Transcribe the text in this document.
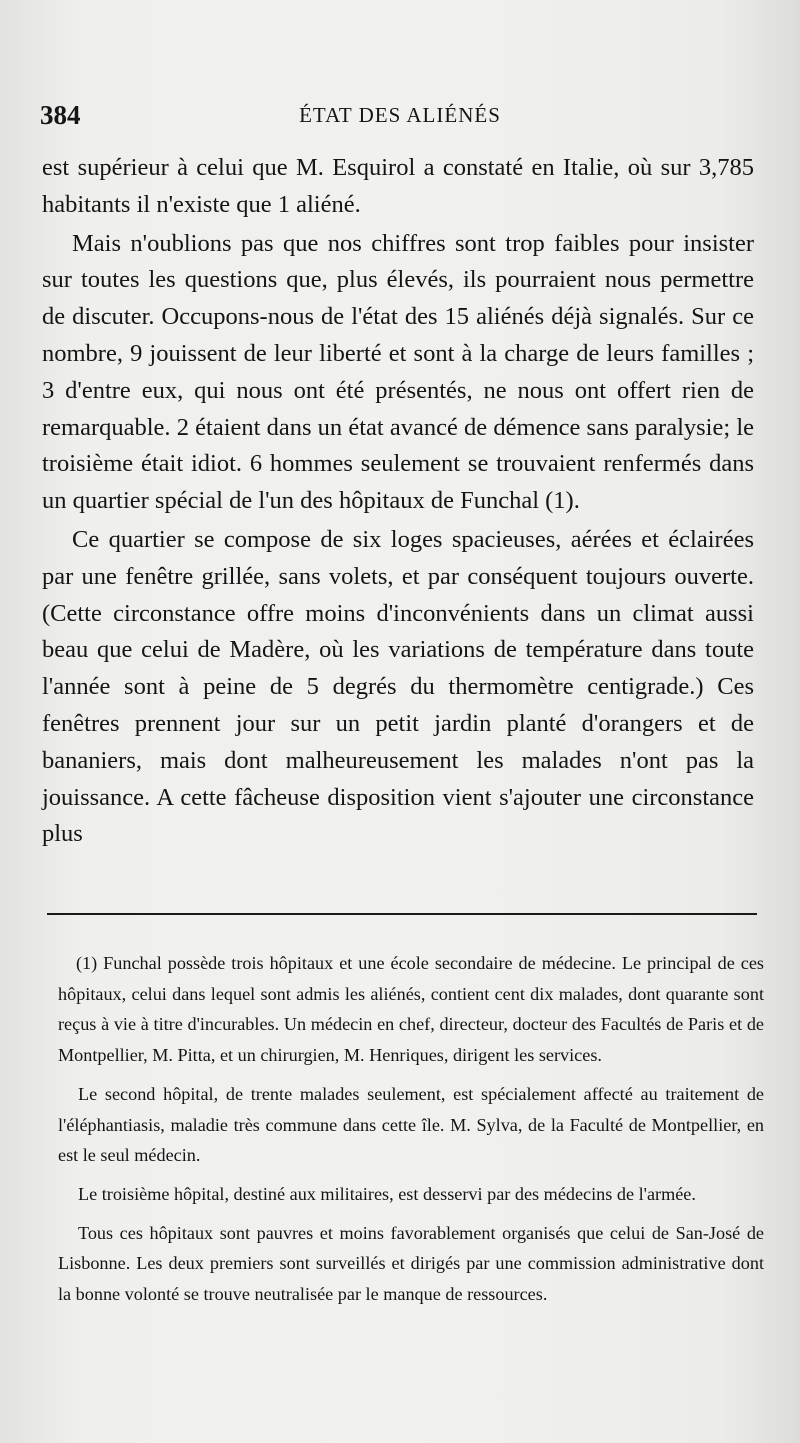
384	ÉTAT DES ALIÉNÉS

est supérieur à celui que M. Esquirol a constaté en Italie, où sur 3,785 habitants il n'existe que 1 aliéné.

Mais n'oublions pas que nos chiffres sont trop faibles pour insister sur toutes les questions que, plus élevés, ils pourraient nous permettre de discuter. Occupons-nous de l'état des 15 aliénés déjà signalés. Sur ce nombre, 9 jouissent de leur liberté et sont à la charge de leurs familles ; 3 d'entre eux, qui nous ont été présentés, ne nous ont offert rien de remarquable. 2 étaient dans un état avancé de démence sans paralysie; le troisième était idiot. 6 hommes seulement se trouvaient renfermés dans un quartier spécial de l'un des hôpitaux de Funchal (1).

Ce quartier se compose de six loges spacieuses, aérées et éclairées par une fenêtre grillée, sans volets, et par conséquent toujours ouverte. (Cette circonstance offre moins d'inconvénients dans un climat aussi beau que celui de Madère, où les variations de température dans toute l'année sont à peine de 5 degrés du thermomètre centigrade.) Ces fenêtres prennent jour sur un petit jardin planté d'orangers et de bananiers, mais dont malheureusement les malades n'ont pas la jouissance. A cette fâcheuse disposition vient s'ajouter une circonstance plus

(1) Funchal possède trois hôpitaux et une école secondaire de médecine. Le principal de ces hôpitaux, celui dans lequel sont admis les aliénés, contient cent dix malades, dont quarante sont reçus à vie à titre d'incurables. Un médecin en chef, directeur, docteur des Facultés de Paris et de Montpellier, M. Pitta, et un chirurgien, M. Henriques, dirigent les services.

Le second hôpital, de trente malades seulement, est spécialement affecté au traitement de l'éléphantiasis, maladie très commune dans cette île. M. Sylva, de la Faculté de Montpellier, en est le seul médecin.

Le troisième hôpital, destiné aux militaires, est desservi par des médecins de l'armée.

Tous ces hôpitaux sont pauvres et moins favorablement organisés que celui de San-José de Lisbonne. Les deux premiers sont surveillés et dirigés par une commission administrative dont la bonne volonté se trouve neutralisée par le manque de ressources.
